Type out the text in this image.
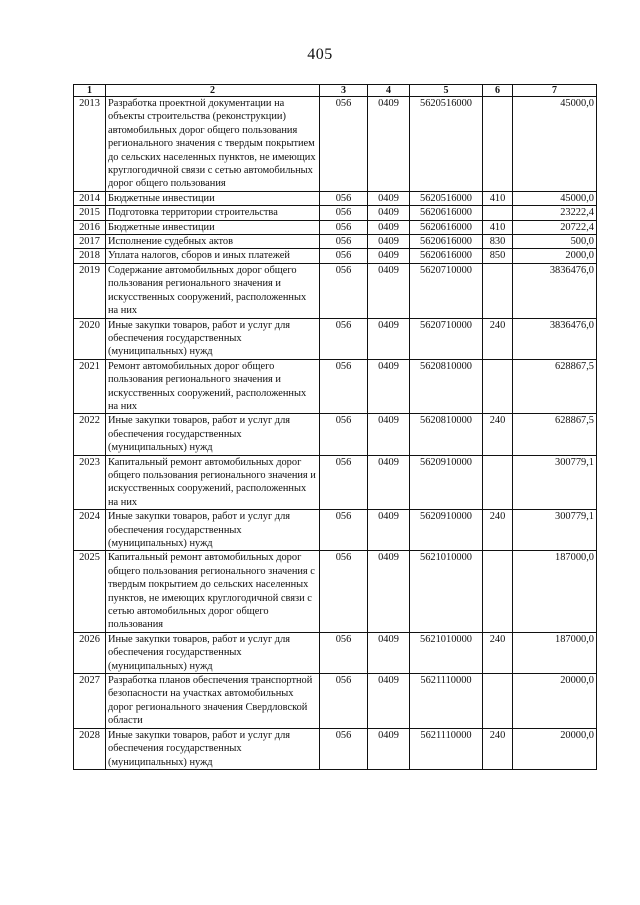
405
1	2	3	4	5	6	7
2013	Разработка проектной документации на объекты строительства (реконструкции) автомобильных дорог общего пользования регионального значения с твердым покрытием до сельских населенных пунктов, не имеющих круглогодичной связи с сетью автомобильных дорог общего пользования	056	0409	5620516000		45000,0
2014	Бюджетные инвестиции	056	0409	5620516000	410	45000,0
2015	Подготовка территории строительства	056	0409	5620616000		23222,4
2016	Бюджетные инвестиции	056	0409	5620616000	410	20722,4
2017	Исполнение судебных актов	056	0409	5620616000	830	500,0
2018	Уплата налогов, сборов и иных платежей	056	0409	5620616000	850	2000,0
2019	Содержание автомобильных дорог общего пользования регионального значения и искусственных сооружений, расположенных на них	056	0409	5620710000		3836476,0
2020	Иные закупки товаров, работ и услуг для обеспечения государственных (муниципальных) нужд	056	0409	5620710000	240	3836476,0
2021	Ремонт автомобильных дорог общего пользования регионального значения и искусственных сооружений, расположенных на них	056	0409	5620810000		628867,5
2022	Иные закупки товаров, работ и услуг для обеспечения государственных (муниципальных) нужд	056	0409	5620810000	240	628867,5
2023	Капитальный ремонт автомобильных дорог общего пользования регионального значения и искусственных сооружений, расположенных на них	056	0409	5620910000		300779,1
2024	Иные закупки товаров, работ и услуг для обеспечения государственных (муниципальных) нужд	056	0409	5620910000	240	300779,1
2025	Капитальный ремонт автомобильных дорог общего пользования регионального значения с твердым покрытием до сельских населенных пунктов, не имеющих круглогодичной связи с сетью автомобильных дорог общего пользования	056	0409	5621010000		187000,0
2026	Иные закупки товаров, работ и услуг для обеспечения государственных (муниципальных) нужд	056	0409	5621010000	240	187000,0
2027	Разработка планов обеспечения транспортной безопасности на участках автомобильных дорог регионального значения Свердловской области	056	0409	5621110000		20000,0
2028	Иные закупки товаров, работ и услуг для обеспечения государственных (муниципальных) нужд	056	0409	5621110000	240	20000,0
